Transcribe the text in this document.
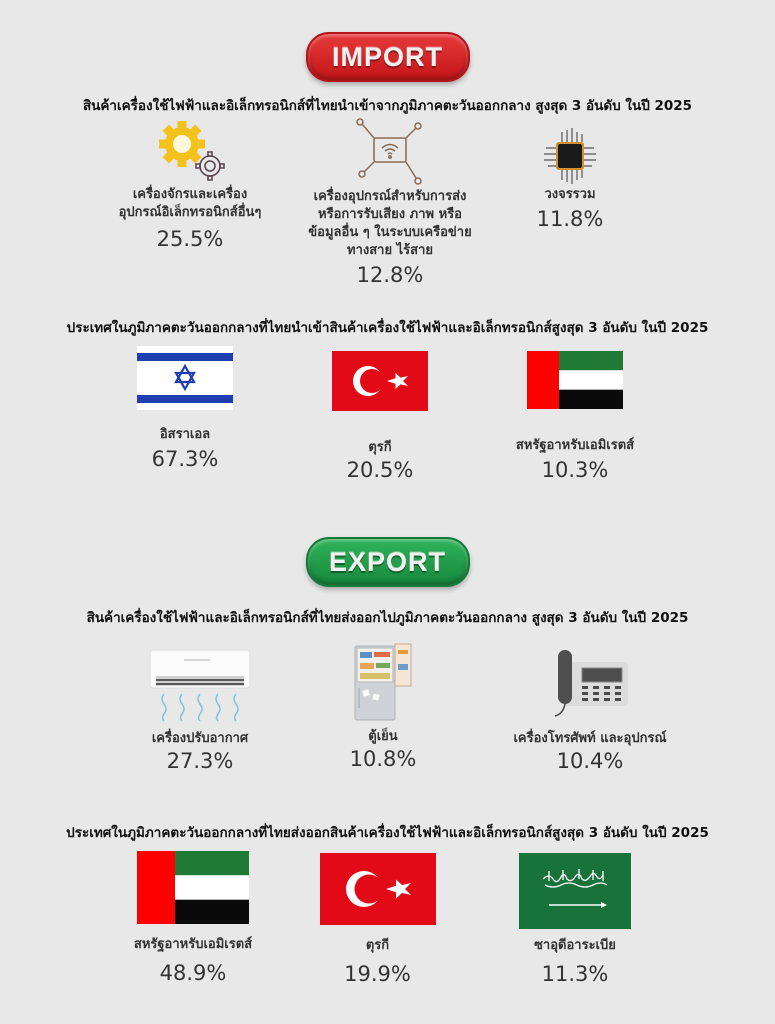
IMPORT
สินค้าเครื่องใช้ไฟฟ้าและอิเล็กทรอนิกส์ที่ไทยนำเข้าจากภูมิภาคตะวันออกกลาง สูงสุด 3 อันดับ ในปี 2025
เครื่องจักรและเครื่อง
อุปกรณ์อิเล็กทรอนิกส์อื่นๆ
25.5%
เครื่องอุปกรณ์สำหรับการส่ง
หรือการรับเสียง ภาพ หรือ
ข้อมูลอื่น ๆ ในระบบเครือข่าย
ทางสาย ไร้สาย
12.8%
วงจรรวม
11.8%
ประเทศในภูมิภาคตะวันออกกลางที่ไทยนำเข้าสินค้าเครื่องใช้ไฟฟ้าและอิเล็กทรอนิกส์สูงสุด 3 อันดับ ในปี 2025
อิสราเอล
67.3%	ตุรกี
20.5%
สหรัฐอาหรับเอมิเรตส์
10.3%
EXPORT
สินค้าเครื่องใช้ไฟฟ้าและอิเล็กทรอนิกส์ที่ไทยส่งออกไปภูมิภาคตะวันออกกลาง สูงสุด 3 อันดับ ในปี 2025
เครื่องปรับอากาศ
27.3%
ตู้เย็น
10.8%
เครื่องโทรศัพท์ และอุปกรณ์
10.4%
ประเทศในภูมิภาคตะวันออกกลางที่ไทยส่งออกสินค้าเครื่องใช้ไฟฟ้าและอิเล็กทรอนิกส์สูงสุด 3 อันดับ ในปี 2025
สหรัฐอาหรับเอมิเรตส์
48.9%
ตุรกี
19.9%
ซาอุดีอาระเบีย
11.3%
